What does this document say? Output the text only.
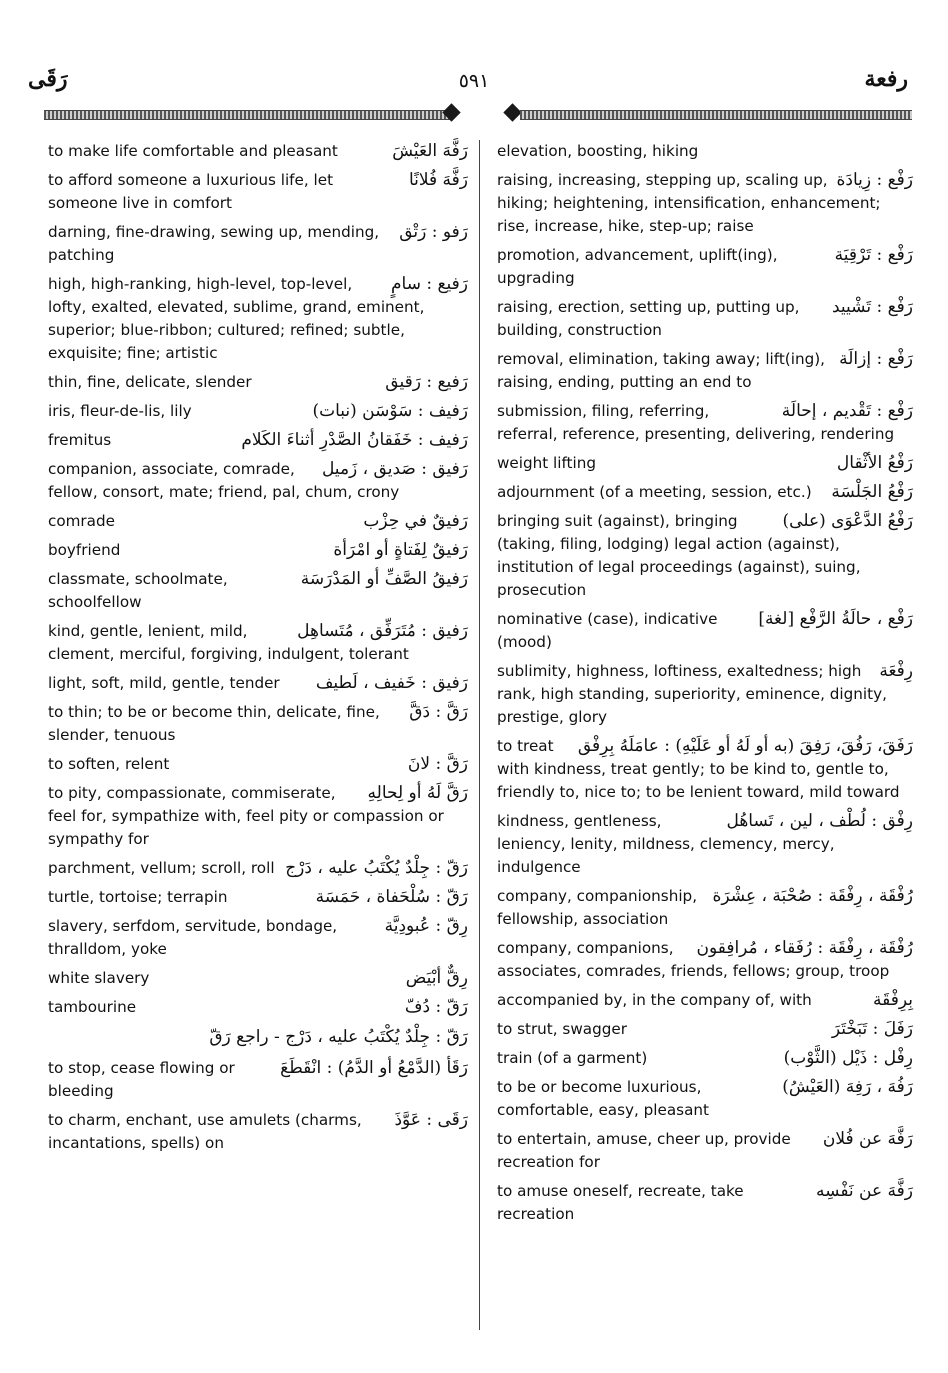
رَقَى	٥٩١	رفعة
رَفَّهَ العَيْشَ
to make life comfortable and pleasant
رَفَّهَ فُلانًا
to afford someone a luxurious life, let someone live in comfort
رَفو : رَتْق
darning, fine-drawing, sewing up, mending, patching
رَفيع : سامٍ
high, high-ranking, high-level, top-level, lofty, exalted, elevated, sublime, grand, eminent, superior; blue-ribbon; cultured; refined; subtle, exquisite; fine; artistic
رَفيع : رَقيق
thin, fine, delicate, slender
رَفيف : سَوْسَن (نبات)
iris, fleur-de-lis, lily
رَفيف : خَفَقانُ الصَّدْرِ أثناءَ الكَلام
fremitus
رَفيق : صَديق ، زَميل
companion, associate, comrade, fellow, consort, mate; friend, pal, chum, crony
رَفيقٌ في حِزْب
comrade
رَفيقٌ لِفَتاةٍ أو امْرَأة
boyfriend
رَفيقُ الصَّفِّ أو المَدْرَسَة
classmate, schoolmate, schoolfellow
رَفيق : مُتَرَفِّق ، مُتَساهِل
kind, gentle, lenient, mild, clement, merciful, forgiving, indulgent, tolerant
رَفيق : خَفيف ، لَطيف
light, soft, mild, gentle, tender
رَقَّ : دَقَّ
to thin; to be or become thin, delicate, fine, slender, tenuous
رَقَّ : لانَ
to soften, relent
رَقَّ لَهُ أو لِحالِهِ
to pity, compassionate, commiserate, feel for, sympathize with, feel pity or compassion or sympathy for
رَقّ : جِلْدٌ يُكْتَبُ عليه ، دَرْج
parchment, vellum; scroll, roll
رَقّ : سُلْحَفاة ، حَمَسَة
turtle, tortoise; terrapin
رِقّ : عُبودِيَّة
slavery, serfdom, servitude, bondage, thralldom, yoke
رِقٌّ أبْيَض
white slavery
رَقّ : دُفّ
tambourine
رَقّ : جِلْدٌ يُكْتَبُ عليه ، دَرْج - راجع رَقّ
رَقَأ (الدَّمْعُ أو الدَّمُ) : انْقَطَعَ
to stop, cease flowing or bleeding
رَقَى : عَوَّذَ
to charm, enchant, use amulets (charms, incantations, spells) on
elevation, boosting, hiking
رَفْع : زِيادَة
raising, increasing, stepping up, scaling up, hiking; heightening, intensification, enhancement; rise, increase, hike, step-up; raise
رَفْع : تَرْقِيَة
promotion, advancement, uplift(ing), upgrading
رَفْع : تَشْييد
raising, erection, setting up, putting up, building, construction
رَفْع : إزالَة
removal, elimination, taking away; lift(ing), raising, ending, putting an end to
رَفْع : تَقْديم ، إحالَة
submission, filing, referring, referral, reference, presenting, delivering, rendering
رَفْعُ الأثْقال
weight lifting
رَفْعُ الجَلْسَة
adjournment (of a meeting, session, etc.)
رَفْعُ الدَّعْوَى (على)
bringing suit (against), bringing (taking, filing, lodging) legal action (against), institution of legal proceedings (against), suing, prosecution
رَفْع ، حالَةُ الرَّفْع [لغة]
nominative (case), indicative (mood)
رِفْعَة
sublimity, highness, loftiness, exaltedness; high rank, high standing, superiority, eminence, dignity, prestige, glory
رَفَقَ، رَفُقَ، رَفِقَ (به أو لَهُ أو عَلَيْهِ) : عامَلَهُ بِرِفْق
to treat with kindness, treat gently; to be kind to, gentle to, friendly to, nice to; to be lenient toward, mild toward
رِفْق : لُطْف ، لين ، تَساهُل
kindness, gentleness, leniency, lenity, mildness, clemency, mercy, indulgence
رُفْقَة ، رِفْقَة : صُحْبَة ، عِشْرَة
company, companionship, fellowship, association
رُفْقَة ، رِفْقَة : رُفَقاء ، مُرافِقون
company, companions, associates, comrades, friends, fellows; group, troop
بِرِفْقَة
accompanied by, in the company of, with
رَفَلَ : تَبَخْتَرَ
to strut, swagger
رِفْل : ذَيْل (الثَّوْب)
train (of a garment)
رَفُهَ ، رَفِهَ (العَيْشُ)
to be or become luxurious, comfortable, easy, pleasant
رَفَّهَ عن فُلان
to entertain, amuse, cheer up, provide recreation for
رَفَّهَ عن نَفْسِه
to amuse oneself, recreate, take recreation
